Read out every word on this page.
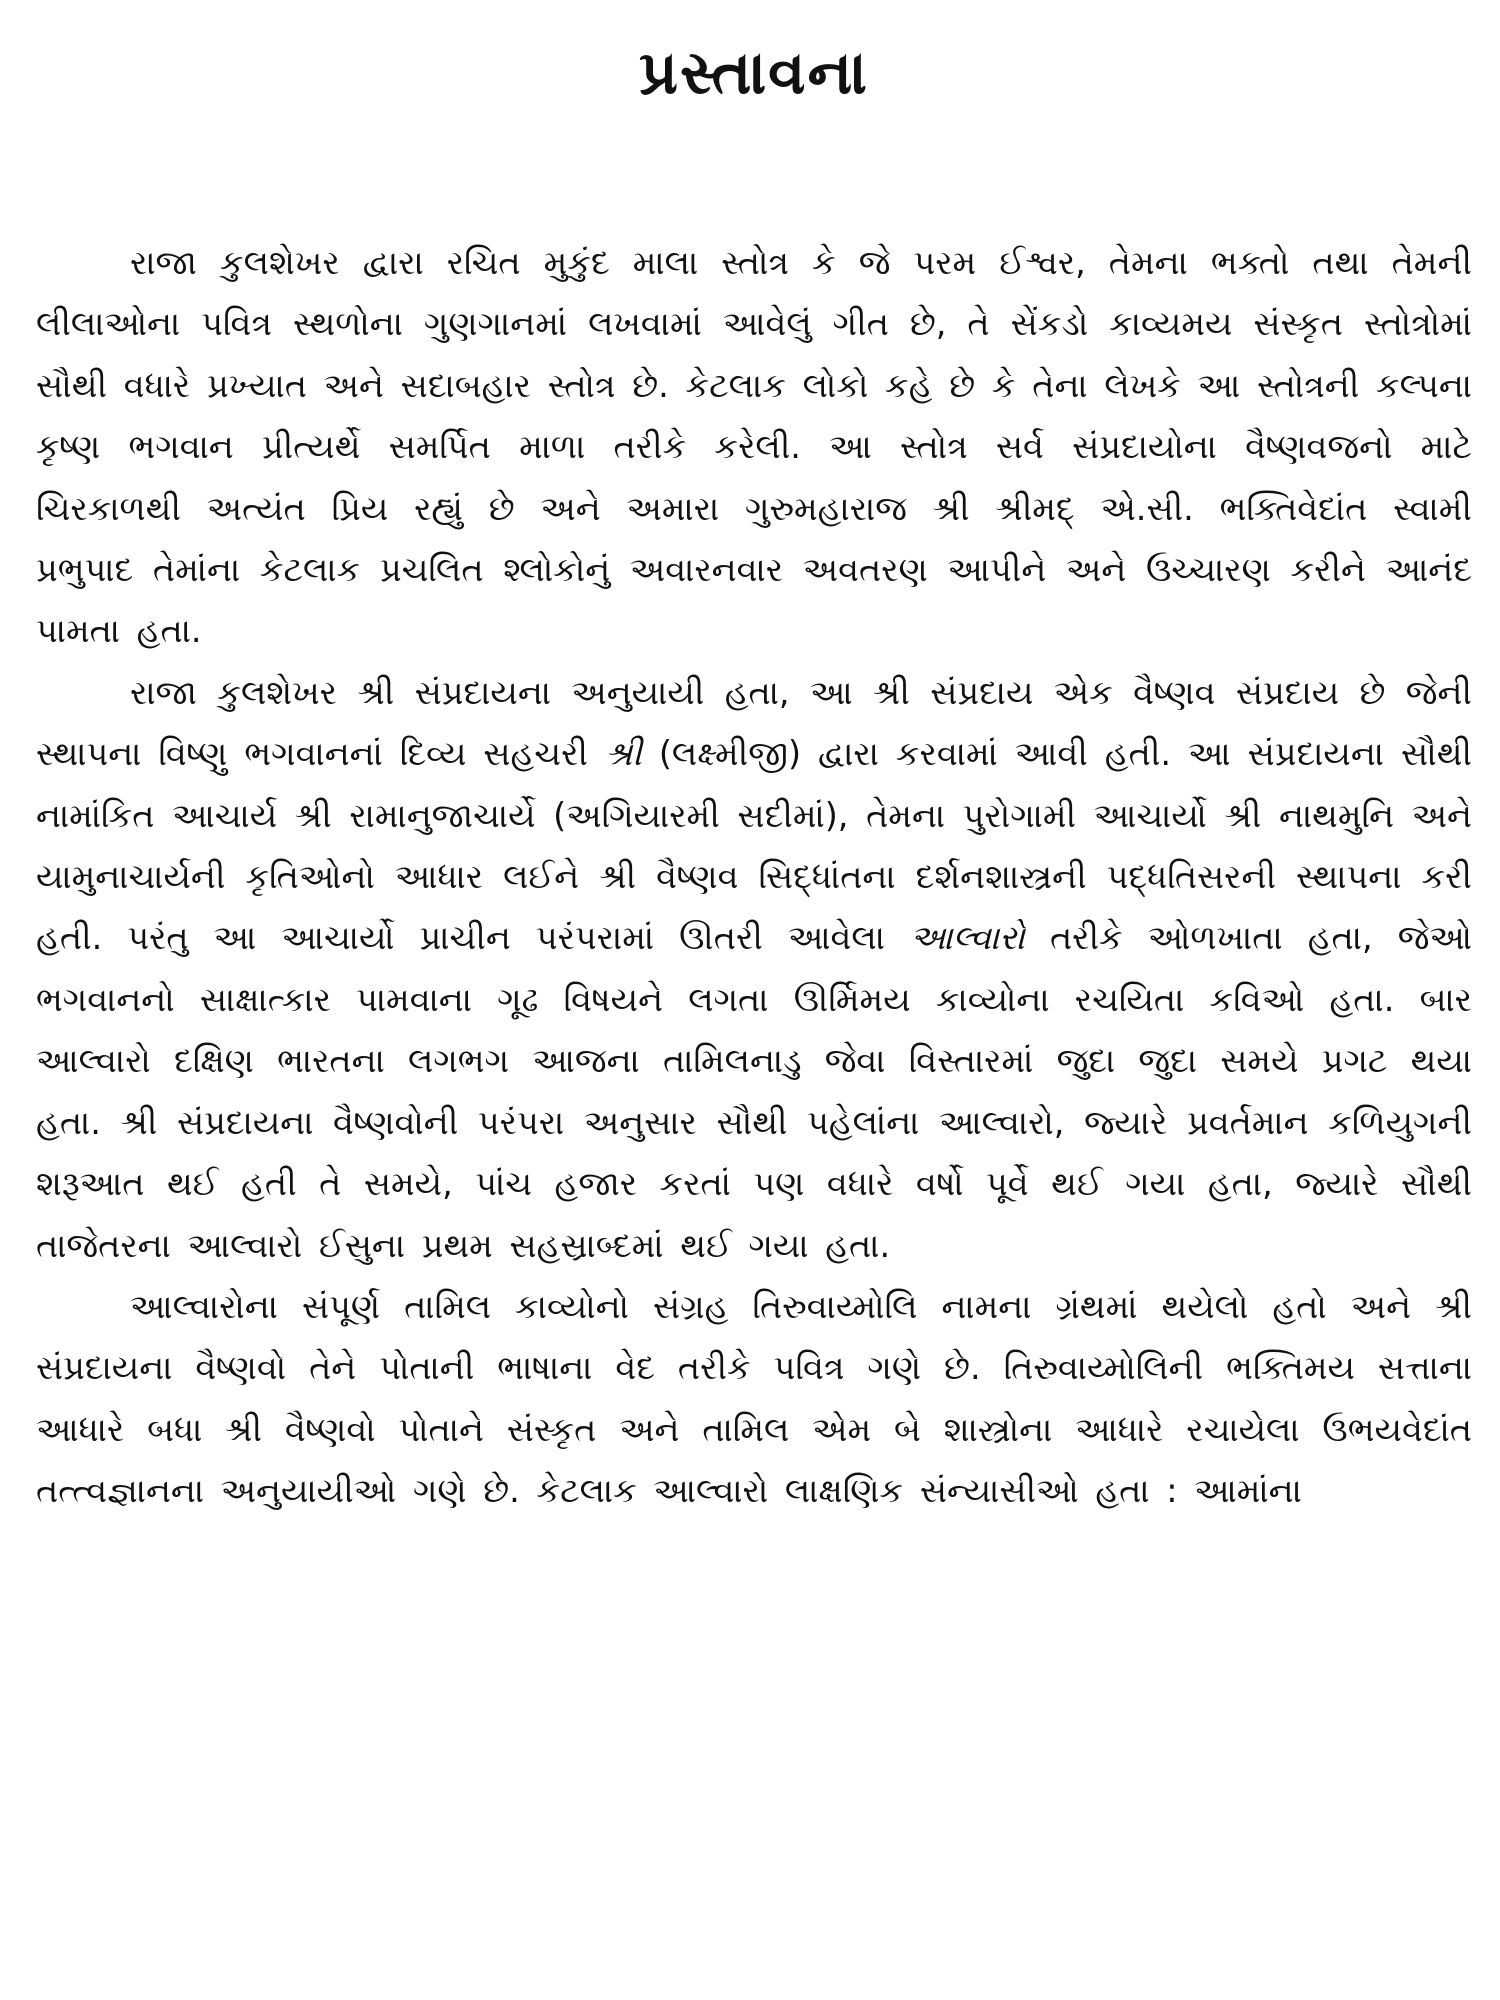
પ્રસ્તાવના

રાજા કુલશેખર દ્વારા રચિત મુકુંદ માલા સ્તોત્ર કે જે પરમ ઈશ્વર, તેમના ભક્તો તથા તેમની લીલાઓના પવિત્ર સ્થળોના ગુણગાનમાં લખવામાં આવેલું ગીત છે, તે સેંકડો કાવ્યમય સંસ્કૃત સ્તોત્રોમાં સૌથી વધારે પ્રખ્યાત અને સદાબહાર સ્તોત્ર છે. કેટલાક લોકો કહે છે કે તેના લેખકે આ સ્તોત્રની કલ્પના કૃષ્ણ ભગવાન પ્રીત્યર્થે સમર્પિત માળા તરીકે કરેલી. આ સ્તોત્ર સર્વ સંપ્રદાયોના વૈષ્ણવજનો માટે ચિરકાળથી અત્યંત પ્રિય રહ્યું છે અને અમારા ગુરુમહારાજ શ્રી શ્રીમદ્ એ.સી. ભક્તિવેદાંત સ્વામી પ્રભુપાદ તેમાંના કેટલાક પ્રચલિત શ્લોકોનું અવારનવાર અવતરણ આપીને અને ઉચ્ચારણ કરીને આનંદ પામતા હતા.

રાજા કુલશેખર શ્રી સંપ્રદાયના અનુયાયી હતા, આ શ્રી સંપ્રદાય એક વૈષ્ણવ સંપ્રદાય છે જેની સ્થાપના વિષ્ણુ ભગવાનનાં દિવ્ય સહચરી શ્રી (લક્ષ્મીજી) દ્વારા કરવામાં આવી હતી. આ સંપ્રદાયના સૌથી નામાંકિત આચાર્ય શ્રી રામાનુજાચાર્યે (અગિયારમી સદીમાં), તેમના પુરોગામી આચાર્યો શ્રી નાથમુનિ અને યામુનાચાર્યની કૃતિઓનો આધાર લઈને શ્રી વૈષ્ણવ સિદ્ધાંતના દર્શનશાસ્ત્રની પદ્ધતિસરની સ્થાપના કરી હતી. પરંતુ આ આચાર્યો પ્રાચીન પરંપરામાં ઊતરી આવેલા આલ્વારો તરીકે ઓળખાતા હતા, જેઓ ભગવાનનો સાક્ષાત્કાર પામવાના ગૂઢ વિષયને લગતા ઊર્મિમય કાવ્યોના રચયિતા કવિઓ હતા. બાર આલ્વારો દક્ષિણ ભારતના લગભગ આજના તામિલનાડુ જેવા વિસ્તારમાં જુદા જુદા સમયે પ્રગટ થયા હતા. શ્રી સંપ્રદાયના વૈષ્ણવોની પરંપરા અનુસાર સૌથી પહેલાંના આલ્વારો, જ્યારે પ્રવર્તમાન કળિયુગની શરૂઆત થઈ હતી તે સમયે, પાંચ હજાર કરતાં પણ વધારે વર્ષો પૂર્વે થઈ ગયા હતા, જ્યારે સૌથી તાજેતરના આલ્વારો ઈસુના પ્રથમ સહસ્રાબ્દમાં થઈ ગયા હતા.

આલ્વારોના સંપૂર્ણ તામિલ કાવ્યોનો સંગ્રહ તિરુવાય્મોલિ નામના ગ્રંથમાં થયેલો હતો અને શ્રી સંપ્રદાયના વૈષ્ણવો તેને પોતાની ભાષાના વેદ તરીકે પવિત્ર ગણે છે. તિરુવાય્મોલિની ભક્તિમય સત્તાના આધારે બધા શ્રી વૈષ્ણવો પોતાને સંસ્કૃત અને તામિલ એમ બે શાસ્ત્રોના આધારે રચાયેલા ઉભયવેદાંત તત્ત્વજ્ઞાનના અનુયાયીઓ ગણે છે. કેટલાક આલ્વારો લાક્ષણિક સંન્યાસીઓ હતા : આમાંના
